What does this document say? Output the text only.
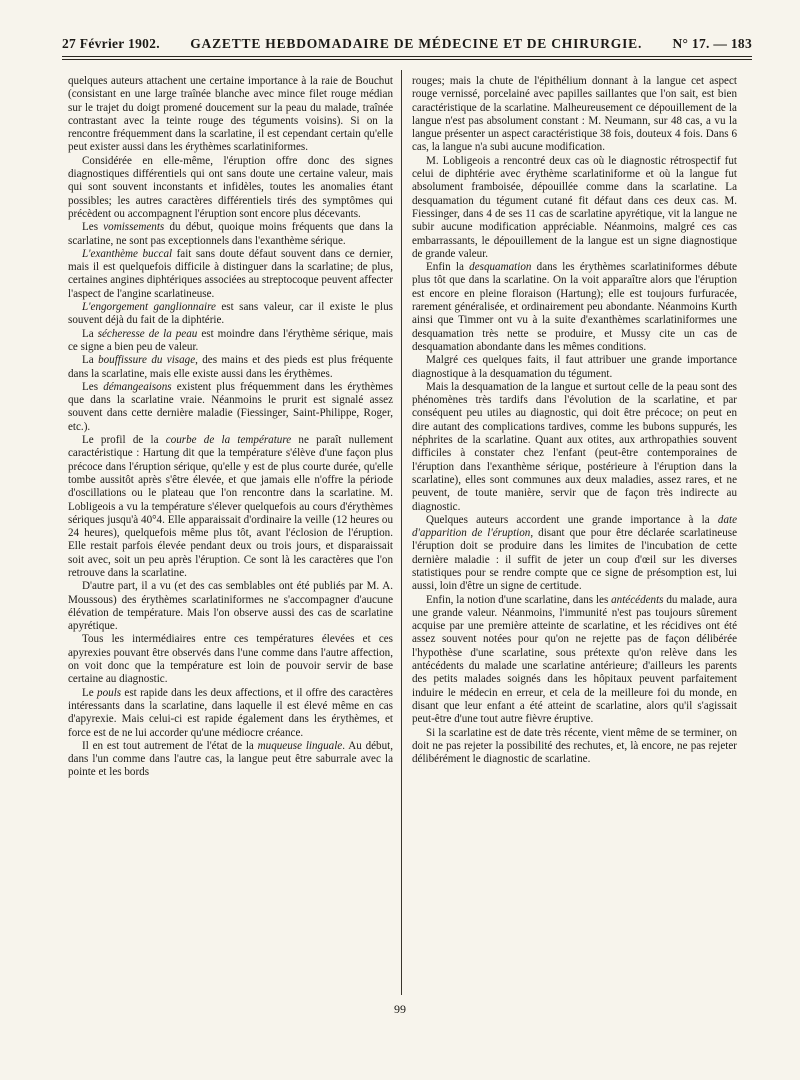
27 Février 1902. GAZETTE HEBDOMADAIRE DE MÉDECINE ET DE CHIRURGIE. N° 17. — 183

quelques auteurs attachent une certaine importance à la raie de Bouchut (consistant en une large traînée blanche avec mince filet rouge médian sur le trajet du doigt promené doucement sur la peau du malade, traînée contrastant avec la teinte rouge des téguments voisins). Si on la rencontre fréquemment dans la scarlatine, il est cependant certain qu'elle peut exister aussi dans les érythèmes scarlatiniformes.

Considérée en elle-même, l'éruption offre donc des signes diagnostiques différentiels qui ont sans doute une certaine valeur, mais qui sont souvent inconstants et infidèles, toutes les anomalies étant possibles; les autres caractères différentiels tirés des symptômes qui précèdent ou accompagnent l'éruption sont encore plus décevants.

Les vomissements du début, quoique moins fréquents que dans la scarlatine, ne sont pas exceptionnels dans l'exanthème sérique.

L'exanthème buccal fait sans doute défaut souvent dans ce dernier, mais il est quelquefois difficile à distinguer dans la scarlatine; de plus, certaines angines diphtériques associées au streptocoque peuvent affecter l'aspect de l'angine scarlatineuse.

L'engorgement ganglionnaire est sans valeur, car il existe le plus souvent déjà du fait de la diphtérie.

La sécheresse de la peau est moindre dans l'érythème sérique, mais ce signe a bien peu de valeur.

La bouffissure du visage, des mains et des pieds est plus fréquente dans la scarlatine, mais elle existe aussi dans les érythèmes.

Les démangeaisons existent plus fréquemment dans les érythèmes que dans la scarlatine vraie. Néanmoins le prurit est signalé assez souvent dans cette dernière maladie (Fiessinger, Saint-Philippe, Roger, etc.).

Le profil de la courbe de la température ne paraît nullement caractéristique : Hartung dit que la température s'élève d'une façon plus précoce dans l'éruption sérique, qu'elle y est de plus courte durée, qu'elle tombe aussitôt après s'être élevée, et que jamais elle n'offre la période d'oscillations ou le plateau que l'on rencontre dans la scarlatine. M. Lobligeois a vu la température s'élever quelquefois au cours d'érythèmes sériques jusqu'à 40°4. Elle apparaissait d'ordinaire la veille (12 heures ou 24 heures), quelquefois même plus tôt, avant l'éclosion de l'éruption. Elle restait parfois élevée pendant deux ou trois jours, et disparaissait soit avec, soit un peu après l'éruption. Ce sont là les caractères que l'on retrouve dans la scarlatine.

D'autre part, il a vu (et des cas semblables ont été publiés par M. A. Moussous) des érythèmes scarlatiniformes ne s'accompagner d'aucune élévation de température. Mais l'on observe aussi des cas de scarlatine apyrétique.

Tous les intermédiaires entre ces températures élevées et ces apyrexies pouvant être observés dans l'une comme dans l'autre affection, on voit donc que la température est loin de pouvoir servir de base certaine au diagnostic.

Le pouls est rapide dans les deux affections, et il offre des caractères intéressants dans la scarlatine, dans laquelle il est élevé même en cas d'apyrexie. Mais celui-ci est rapide également dans les érythèmes, et force est de ne lui accorder qu'une médiocre créance.

Il en est tout autrement de l'état de la muqueuse linguale. Au début, dans l'un comme dans l'autre cas, la langue peut être saburrale avec la pointe et les bords

rouges; mais la chute de l'épithélium donnant à la langue cet aspect rouge vernissé, porcelainé avec papilles saillantes que l'on sait, est bien caractéristique de la scarlatine. Malheureusement ce dépouillement de la langue n'est pas absolument constant : M. Neumann, sur 48 cas, a vu la langue présenter un aspect caractéristique 38 fois, douteux 4 fois. Dans 6 cas, la langue n'a subi aucune modification.

M. Lobligeois a rencontré deux cas où le diagnostic rétrospectif fut celui de diphtérie avec érythème scarlatiniforme et où la langue fut absolument framboisée, dépouillée comme dans la scarlatine. La desquamation du tégument cutané fit défaut dans ces deux cas. M. Fiessinger, dans 4 de ses 11 cas de scarlatine apyrétique, vit la langue ne subir aucune modification appréciable. Néanmoins, malgré ces cas embarrassants, le dépouillement de la langue est un signe diagnostique de grande valeur.

Enfin la desquamation dans les érythèmes scarlatiniformes débute plus tôt que dans la scarlatine. On la voit apparaître alors que l'éruption est encore en pleine floraison (Hartung); elle est toujours furfuracée, rarement généralisée, et ordinairement peu abondante. Néanmoins Kurth ainsi que Timmer ont vu à la suite d'exanthèmes scarlatiniformes une desquamation très nette se produire, et Mussy cite un cas de desquamation abondante dans les mêmes conditions.

Malgré ces quelques faits, il faut attribuer une grande importance diagnostique à la desquamation du tégument.

Mais la desquamation de la langue et surtout celle de la peau sont des phénomènes très tardifs dans l'évolution de la scarlatine, et par conséquent peu utiles au diagnostic, qui doit être précoce; on peut en dire autant des complications tardives, comme les bubons suppurés, les néphrites de la scarlatine. Quant aux otites, aux arthropathies souvent difficiles à constater chez l'enfant (peut-être contemporaines de l'éruption dans l'exanthème sérique, postérieure à l'éruption dans la scarlatine), elles sont communes aux deux maladies, assez rares, et ne peuvent, de toute manière, servir que de façon très indirecte au diagnostic.

Quelques auteurs accordent une grande importance à la date d'apparition de l'éruption, disant que pour être déclarée scarlatineuse l'éruption doit se produire dans les limites de l'incubation de cette dernière maladie : il suffit de jeter un coup d'œil sur les diverses statistiques pour se rendre compte que ce signe de présomption est, lui aussi, loin d'être un signe de certitude.

Enfin, la notion d'une scarlatine, dans les antécédents du malade, aura une grande valeur. Néanmoins, l'immunité n'est pas toujours sûrement acquise par une première atteinte de scarlatine, et les récidives ont été assez souvent notées pour qu'on ne rejette pas de façon délibérée l'hypothèse d'une scarlatine, sous prétexte qu'on relève dans les antécédents du malade une scarlatine antérieure; d'ailleurs les parents des petits malades soignés dans les hôpitaux peuvent parfaitement induire le médecin en erreur, et cela de la meilleure foi du monde, en disant que leur enfant a été atteint de scarlatine, alors qu'il s'agissait peut-être d'une tout autre fièvre éruptive.

Si la scarlatine est de date très récente, vient même de se terminer, on doit ne pas rejeter la possibilité des rechutes, et, là encore, ne pas rejeter délibérément le diagnostic de scarlatine.

99
